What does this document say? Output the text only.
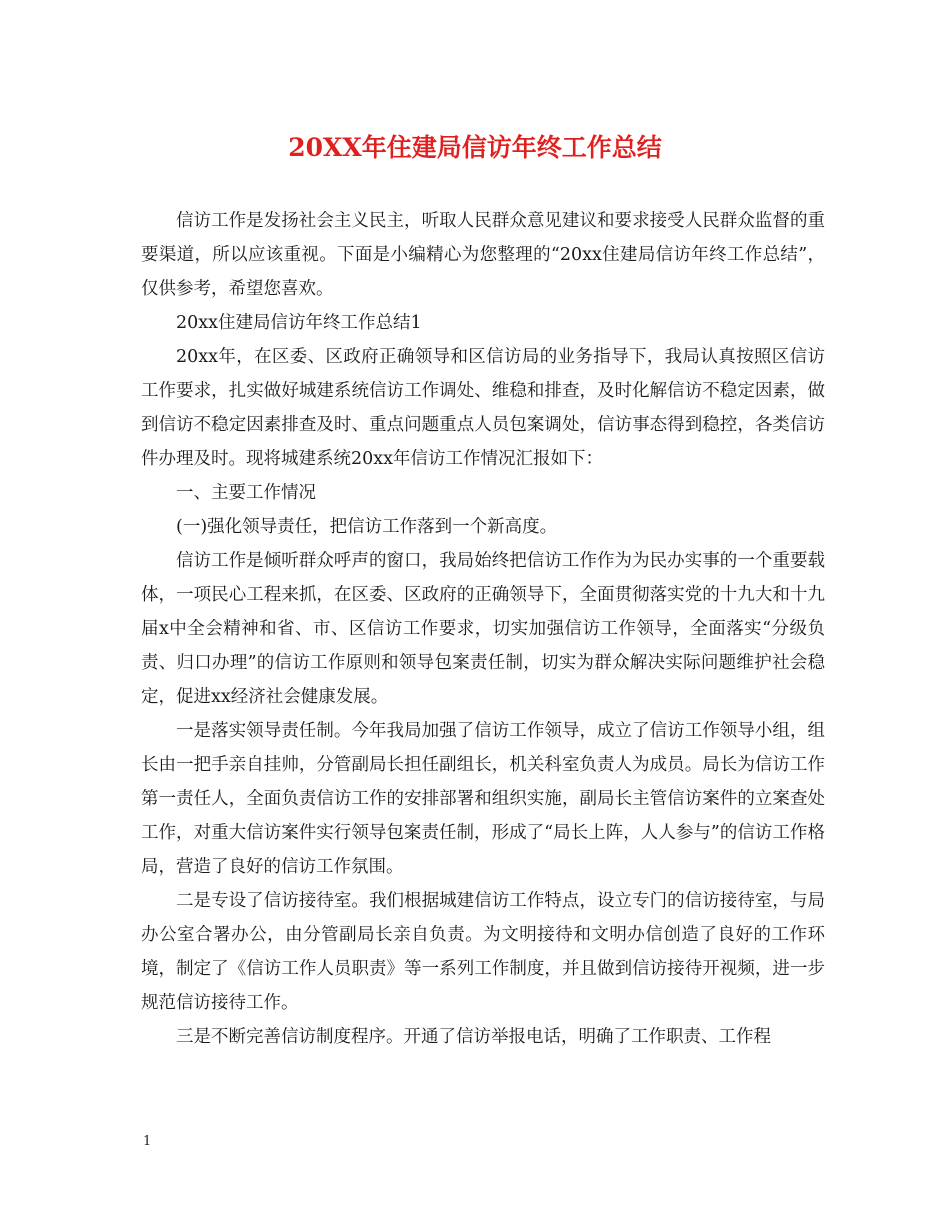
20XX年住建局信访年终工作总结

信访工作是发扬社会主义民主，听取人民群众意见建议和要求接受人民群众监督的重要渠道，所以应该重视。下面是小编精心为您整理的“20xx住建局信访年终工作总结”，仅供参考，希望您喜欢。

20xx住建局信访年终工作总结1

20xx年，在区委、区政府正确领导和区信访局的业务指导下，我局认真按照区信访工作要求，扎实做好城建系统信访工作调处、维稳和排查，及时化解信访不稳定因素，做到信访不稳定因素排查及时、重点问题重点人员包案调处，信访事态得到稳控，各类信访件办理及时。现将城建系统20xx年信访工作情况汇报如下：

一、主要工作情况

(一)强化领导责任，把信访工作落到一个新高度。

信访工作是倾听群众呼声的窗口，我局始终把信访工作作为为民办实事的一个重要载体，一项民心工程来抓，在区委、区政府的正确领导下，全面贯彻落实党的十九大和十九届x中全会精神和省、市、区信访工作要求，切实加强信访工作领导，全面落实“分级负责、归口办理”的信访工作原则和领导包案责任制，切实为群众解决实际问题维护社会稳定，促进xx经济社会健康发展。

一是落实领导责任制。今年我局加强了信访工作领导，成立了信访工作领导小组，组长由一把手亲自挂帅，分管副局长担任副组长，机关科室负责人为成员。局长为信访工作第一责任人，全面负责信访工作的安排部署和组织实施，副局长主管信访案件的立案查处工作，对重大信访案件实行领导包案责任制，形成了“局长上阵，人人参与”的信访工作格局，营造了良好的信访工作氛围。

二是专设了信访接待室。我们根据城建信访工作特点，设立专门的信访接待室，与局办公室合署办公，由分管副局长亲自负责。为文明接待和文明办信创造了良好的工作环境，制定了《信访工作人员职责》等一系列工作制度，并且做到信访接待开视频，进一步规范信访接待工作。

三是不断完善信访制度程序。开通了信访举报电话，明确了工作职责、工作程

1
